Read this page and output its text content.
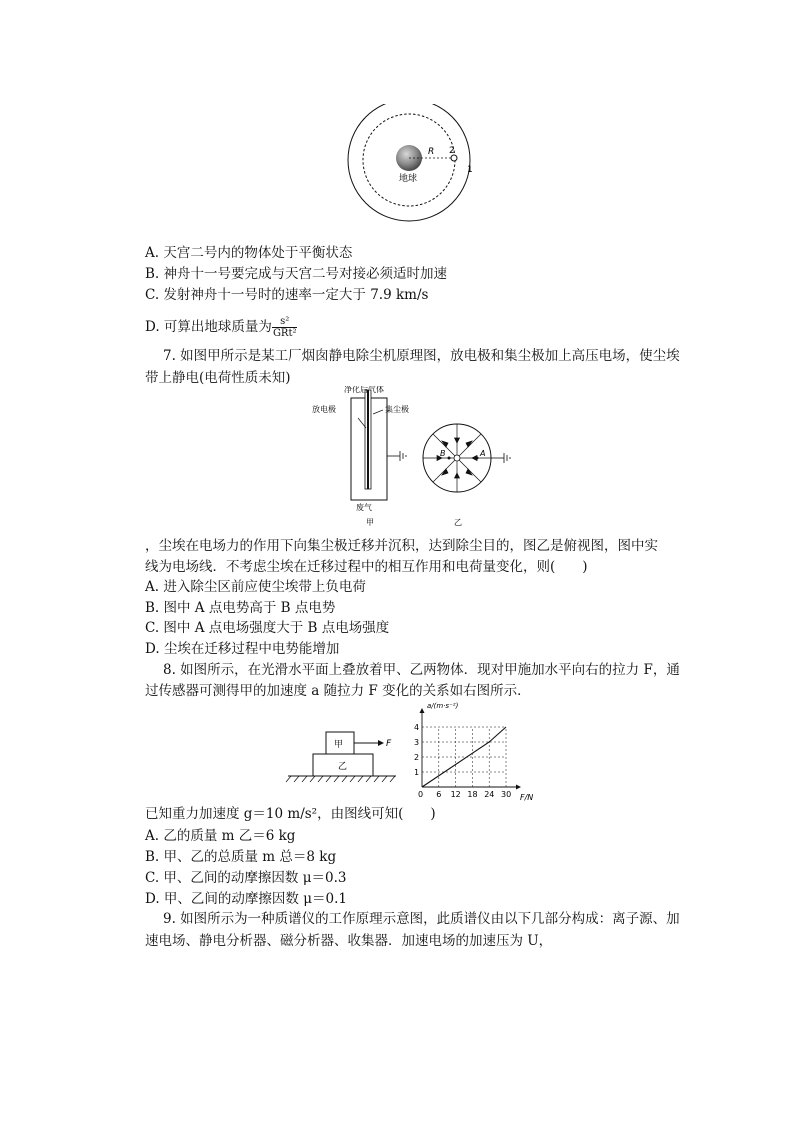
地球
R 2
1
A. 天宫二号内的物体处于平衡状态
B. 神舟十一号要完成与天宫二号对接必须适时加速
C. 发射神舟十一号时的速率一定大于 7.9 km/s
D. 可算出地球质量为 $\frac{\text{s²}}{\text{GRt²}}$
7. 如图甲所示是某工厂烟囱静电除尘机原理图，放电极和集尘极加上高压电场，使尘埃
带上静电(电荷性质未知)
净化后气体
放电极	集尘极
废气
甲
B	A
乙
，尘埃在电场力的作用下向集尘极迁移并沉积，达到除尘目的，图乙是俯视图，图中实
线为电场线．不考虑尘埃在迁移过程中的相互作用和电荷量变化，则(　　)
A. 进入除尘区前应使尘埃带上负电荷
B. 图中 A 点电势高于 B 点电势
C. 图中 A 点电场强度大于 B 点电场强度
D. 尘埃在迁移过程中电势能增加
8. 如图所示，在光滑水平面上叠放着甲、乙两物体．现对甲施加水平向右的拉力 F，通
过传感器可测得甲的加速度 a 随拉力 F 变化的关系如右图所示．
甲
乙
F
0 6 12 18 24 30
1
2
3
4
a/(m·s⁻²)
F/N
已知重力加速度 g＝10 m/s²，由图线可知(　　)
A. 乙的质量 m 乙＝6 kg
B. 甲、乙的总质量 m 总＝8 kg
C. 甲、乙间的动摩擦因数 μ＝0.3
D. 甲、乙间的动摩擦因数 μ＝0.1
9. 如图所示为一种质谱仪的工作原理示意图，此质谱仪由以下几部分构成：离子源、加
速电场、静电分析器、磁分析器、收集器．加速电场的加速压为 U，
